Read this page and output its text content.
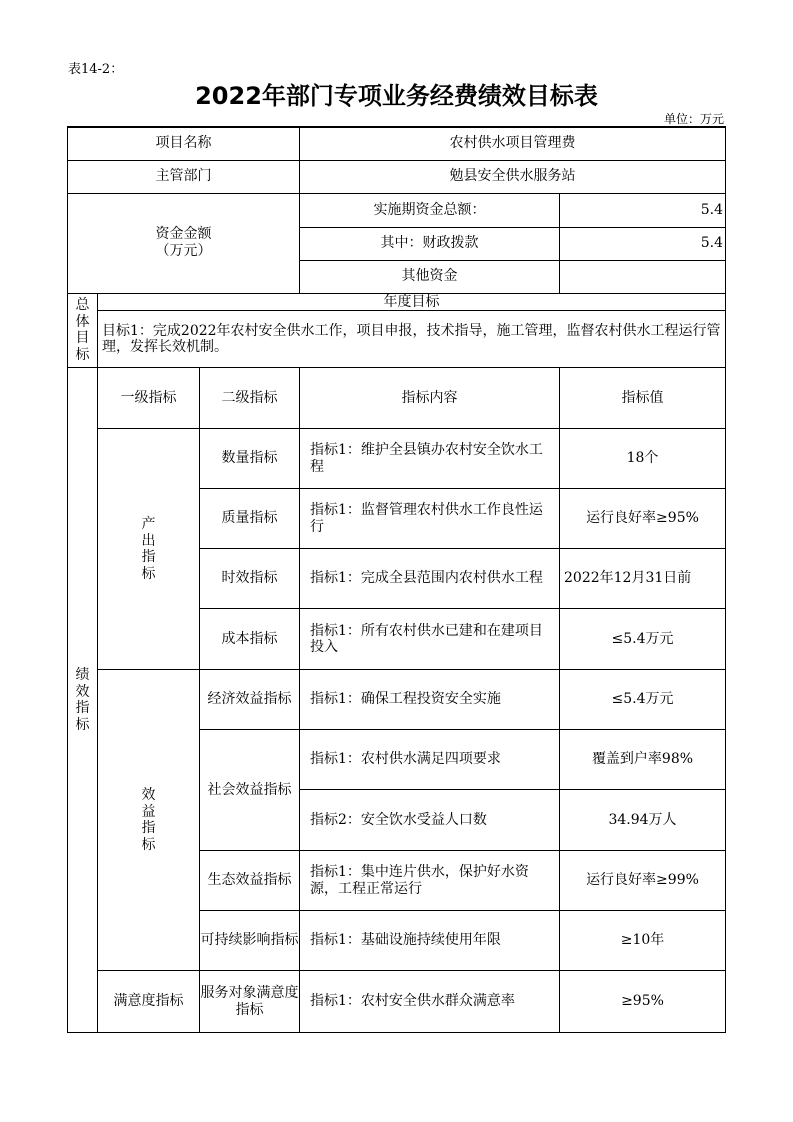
表14-2：
2022年部门专项业务经费绩效目标表
单位：万元
项目名称			农村供水项目管理费	
主管部门			勉县安全供水服务站	

资金金额
（万元）			实施期资金总额：	5.4
			其中：财政拨款	5.4
			其他资金	
总体目标	年度目标			
	目标1：完成2022年农村安全供水工作，项目申报，技术指导，施工管理，监督农村供水工程运行管理，发挥长效机制。			
绩效指标	一级指标	二级指标	指标内容	指标值
	产出指标	数量指标	指标1：维护全县镇办农村安全饮水工程	18个
		质量指标	指标1：监督管理农村供水工作良性运行	运行良好率≥95%
		时效指标	指标1：完成全县范围内农村供水工程	2022年12月31日前
		成本指标	指标1：所有农村供水已建和在建项目投入	≤5.4万元
	效益指标	经济效益指标	指标1：确保工程投资安全实施	≤5.4万元
		社会效益指标	指标1：农村供水满足四项要求	覆盖到户率98%
			指标2：安全饮水受益人口数	34.94万人
		生态效益指标	指标1：集中连片供水，保护好水资源，工程正常运行	运行良好率≥99%
		可持续影响指标	指标1：基础设施持续使用年限	≥10年
	满意度指标	服务对象满意度指标	指标1：农村安全供水群众满意率	≥95%
